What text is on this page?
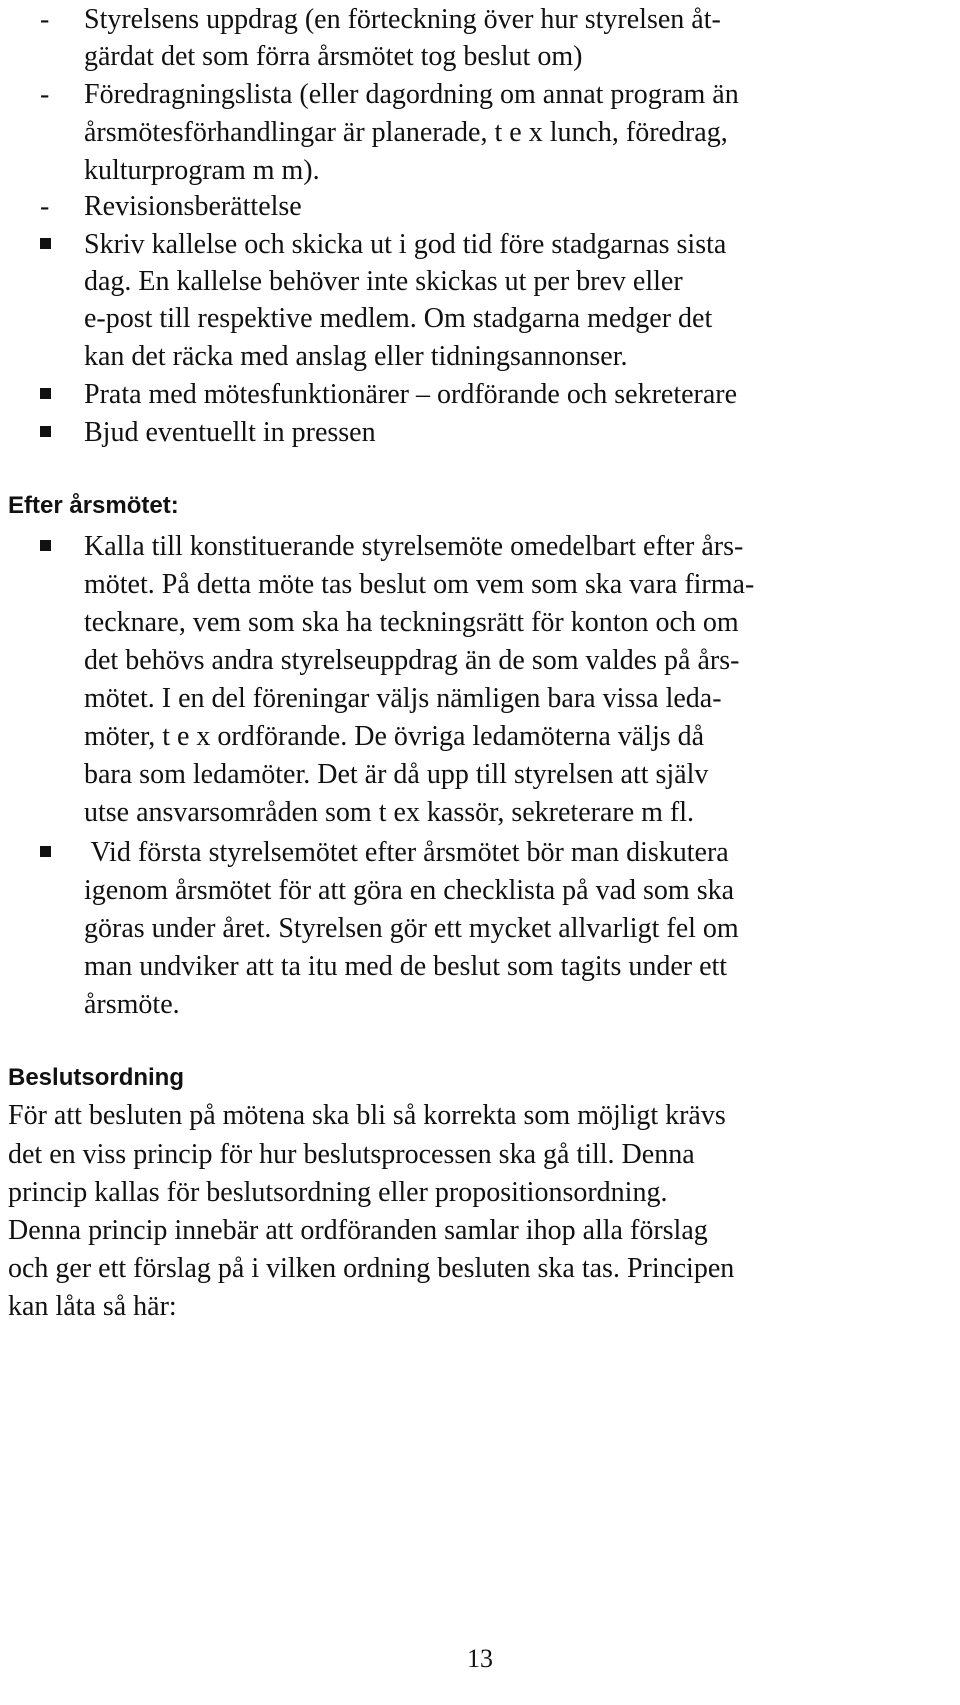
-	Styrelsens uppdrag (en förteckning över hur styrelsen åt-
gärdat det som förra årsmötet tog beslut om)
-	Föredragningslista (eller dagordning om annat program än
årsmötesförhandlingar är planerade, t e x lunch, föredrag,
kulturprogram m m).
-	Revisionsberättelse
Skriv kallelse och skicka ut i god tid före stadgarnas sista
dag. En kallelse behöver inte skickas ut per brev eller
e-post till respektive medlem. Om stadgarna medger det
kan det räcka med anslag eller tidningsannonser.
Prata med mötesfunktionärer – ordförande och sekreterare
Bjud eventuellt in pressen
Efter årsmötet:
Kalla till konstituerande styrelsemöte omedelbart efter års-
mötet. På detta möte tas beslut om vem som ska vara firma-
tecknare, vem som ska ha teckningsrätt för konton och om
det behövs andra styrelseuppdrag än de som valdes på års-
mötet. I en del föreningar väljs nämligen bara vissa leda-
möter, t e x ordförande. De övriga ledamöterna väljs då
bara som ledamöter. Det är då upp till styrelsen att själv
utse ansvarsområden som t ex kassör, sekreterare m fl.
Vid första styrelsemötet efter årsmötet bör man diskutera
igenom årsmötet för att göra en checklista på vad som ska
göras under året. Styrelsen gör ett mycket allvarligt fel om
man undviker att ta itu med de beslut som tagits under ett
årsmöte.
Beslutsordning
För att besluten på mötena ska bli så korrekta som möjligt krävs
det en viss princip för hur beslutsprocessen ska gå till. Denna
princip kallas för beslutsordning eller propositionsordning.
Denna princip innebär att ordföranden samlar ihop alla förslag
och ger ett förslag på i vilken ordning besluten ska tas. Principen
kan låta så här:
13
